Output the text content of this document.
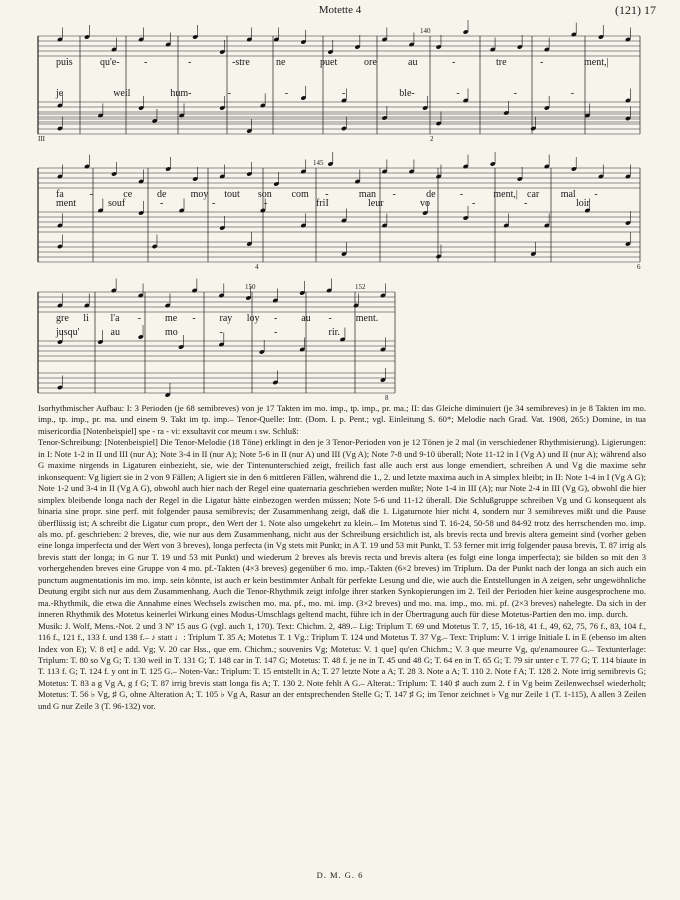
Motette 4	(121) 17
puis	qu'e- -	-	-stre	ne	puet	ore	au	-	tre	-	ment,|
je	weil	hum-	-	-	-	ble-	-	-	-
III
140
2
fa	-	ce de moy tout son com -	man -	de -	ment,| car mal -
ment	souf	-	-	-	friI	leur	vo	-	-	loir
145
4	6
gre li l'a - me - ray loy - au - ment.
jusqu'	au	mo	-	-	rir.
150	152
8

Isorhythmischer Aufbau: I: 3 Perioden (je 68 semibreves) von je 17 Takten im mo. imp., tp. imp., pr. ma.; II: das Gleiche diminuiert (je 34 semibreves) in je 8 Takten im mo. imp., tp. imp., pr. ma. und einem 9. Takt im tp. imp.– Tenor-Quelle: Intr. (Dom. I. p. Pent.; vgl. Einleitung S. 60*; Melodie nach Grad. Vat. 1908, 265:) Domine, in tua misericordia [Notenbeispiel] spe - ra - vi: exsultavit cor meum ı sw. Schluß:

Tenor-Schreibung: [Notenbeispiel] Die Tenor-Melodie (18 Töne) erklingt in den je 3 Tenor-Perioden von je 12 Tönen je 2 mal (in verschiedener Rhythmisierung). Ligierungen: in I: Note 1-2 in II und III (nur A); Note 3-4 in II (nur A); Note 5-6 in II (nur A) und III (Vg A); Note 7-8 und 9-10 überall; Note 11-12 in I (Vg A) und II (nur A); während also G maxime nirgends in Ligaturen einbezieht, sie, wie der Tintenunterschied zeigt, freilich fast alle auch erst aus longe emendiert, schreiben A und Vg die maxime sehr inkonsequent: Vg ligiert sie in 2 von 9 Fällen; A ligiert sie in den 6 mittleren Fällen, während die 1., 2. und letzte maxima auch in A simplex bleibt; in II: Note 1-4 in I (Vg A G); Note 1-2 und 3-4 in II (Vg A G), obwohl auch hier nach der Regel eine quaternaria geschrieben werden mußte; Note 1-4 in III (A); nur Note 2-4 in III (Vg G), obwohl die hier simplex bleibende longa nach der Regel in die Ligatur hätte einbezogen werden müssen; Note 5-6 und 11-12 überall. Die Schlußgruppe schreiben Vg und G konsequent als binaria sine propr. sine perf. mit folgender pausa semibrevis; der Zusammenhang zeigt, daß die 1. Ligaturnote hier nicht 4, sondern nur 3 semibreves mißt und die Pause überflüssig ist; A schreibt die Ligatur cum propr., den Wert der 1. Note also umgekehrt zu klein.– Im Motetus sind T. 16-24, 50-58 und 84-92 trotz des herrschenden mo. imp. als mo. pf. geschrieben: 2 breves, die, wie nur aus dem Zusammenhang, nicht aus der Schreibung ersichtlich ist, als brevis recta und brevis altera gemeint sind (vorher geben eine longa imperfecta und der Wert von 3 breves), longa perfecta (in Vg stets mit Punkt; in A T. 19 und 53 mit Punkt, T. 53 ferner mit irrig folgender pausa brevis, T. 87 irrig als brevis statt der longa; in G nur T. 19 und 53 mit Punkt) und wiederum 2 breves als brevis recta und brevis altera (es folgt eine longa imperfecta); sie bilden so mit den 3 vorhergehenden breves eine Gruppe von 4 mo. pf.-Takten (4×3 breves) gegenüber 6 mo. imp.-Takten (6×2 breves) im Triplum. Da der Punkt nach der longa an sich auch ein punctum augmentationis im mo. imp. sein könnte, ist auch er kein bestimmter Anhalt für perfekte Lesung und die, wie auch die Entstellungen in A zeigen, sehr ungewöhnliche Deutung ergibt sich nur aus dem Zusammenhang. Auch die Tenor-Rhythmik zeigt infolge ihrer starken Synkopierungen im 2. Teil der Perioden hier keine ausgesprochene mo. ma.-Rhythmik, die etwa die Annahme eines Wechsels zwischen mo. ma. pf., mo. mi. imp. (3×2 breves) und mo. ma. imp., mo. mi. pf. (2×3 breves) nahelegte. Da sich in der inneren Rhythmik des Motetus keinerlei Wirkung eines Modus-Umschlags geltend macht, führe ich in der Übertragung auch für diese Motetus-Partien den mo. imp. durch.

Musik: J. Wolf, Mens.-Not. 2 und 3 Nº 15 aus G (vgl. auch 1, 170). Text: Chichm. 2, 489.– Lig: Triplum T. 69 und Motetus T. 7, 15, 16-18, 41 f., 49, 62, 75, 76 f., 83, 104 f., 116 f., 121 f., 133 f. und 138 f.– ♪ statt ♩: Triplum T. 35 A; Motetus T. 1 Vg.: Triplum T. 124 und Motetus T. 37 Vg.– Text: Triplum: V. 1 irrige Initiale L in E (ebenso im alten Index von E); V. 8 et] e add. Vg; V. 20 car Hss., que em. Chichm.; souvenirs Vg; Motetus: V. 1 que] qu'en Chichm.; V. 3 que meurre Vg, qu'enamouree G.– Textunterlage: Triplum: T. 80 so Vg G; T. 130 weil in T. 131 G; T. 148 car in T. 147 G; Motetus: T. 48 f. je ne in T. 45 und 48 G; T. 64 en in T. 65 G; T. 79 sir unter c T. 77 G; T. 114 biaute in T. 113 f. G; T. 124 f. y ont in T. 125 G.– Noten-Var.: Triplum: T. 15 entstellt in A; T. 27 letzte Note a A; T. 28 3. Note a A; T. 110 2. Note f A; T. 128 2. Note irrig semibrevis G; Motetus: T. 83 a g Vg A, g f G; T. 87 irrig brevis statt longa fis A; T. 130 2. Note fehlt A G.– Alterat.: Triplum: T. 140 ♯ auch zum 2. f in Vg beim Zeilenwechsel wiederholt; Motetus: T. 56 ♭ Vg, ♯ G, ohne Alteration A; T. 105 ♭ Vg A, Rasur an der entsprechenden Stelle G; T. 147 ♯ G; im Tenor zeichnet ♭ Vg nur Zeile 1 (T. 1-115), A allen 3 Zeilen und G nur Zeile 3 (T. 96-132) vor.

D. M. G. 6
